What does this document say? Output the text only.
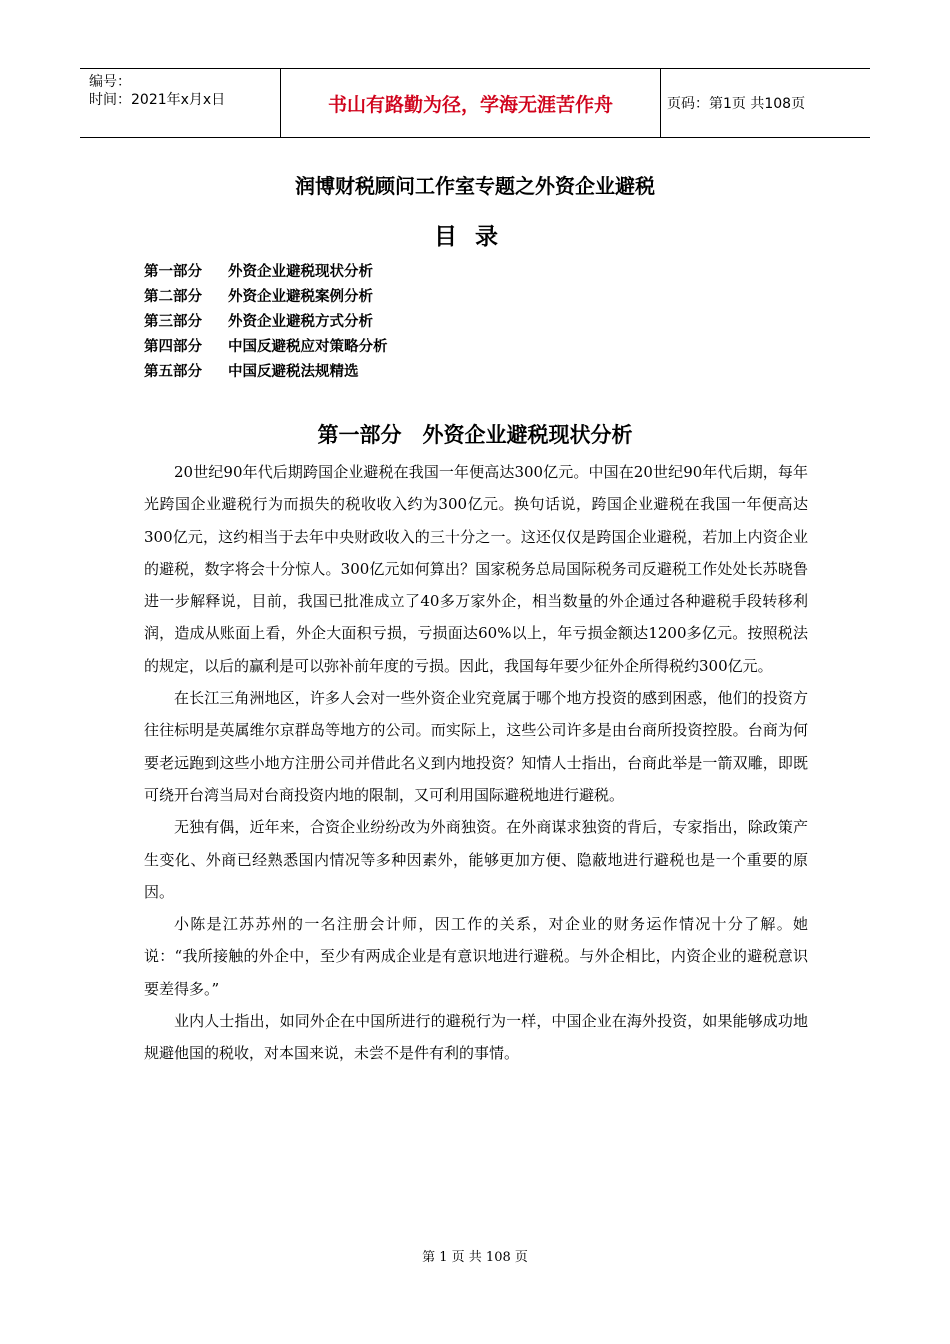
编号：
时间：2021年x月x日	书山有路勤为径，学海无涯苦作舟	页码：第1页 共108页
润博财税顾问工作室专题之外资企业避税
目录
第一部分 外资企业避税现状分析
第二部分 外资企业避税案例分析
第三部分 外资企业避税方式分析
第四部分 中国反避税应对策略分析
第五部分 中国反避税法规精选
第一部分　外资企业避税现状分析

20世纪90年代后期跨国企业避税在我国一年便高达300亿元。中国在20世纪90年代后期，每年光跨国企业避税行为而损失的税收收入约为300亿元。换句话说，跨国企业避税在我国一年便高达300亿元，这约相当于去年中央财政收入的三十分之一。这还仅仅是跨国企业避税，若加上内资企业的避税，数字将会十分惊人。300亿元如何算出？国家税务总局国际税务司反避税工作处处长苏晓鲁进一步解释说，目前，我国已批准成立了40多万家外企，相当数量的外企通过各种避税手段转移利润，造成从账面上看，外企大面积亏损，亏损面达60%以上，年亏损金额达1200多亿元。按照税法的规定，以后的赢利是可以弥补前年度的亏损。因此，我国每年要少征外企所得税约300亿元。

在长江三角洲地区，许多人会对一些外资企业究竟属于哪个地方投资的感到困惑，他们的投资方往往标明是英属维尔京群岛等地方的公司。而实际上，这些公司许多是由台商所投资控股。台商为何要老远跑到这些小地方注册公司并借此名义到内地投资？知情人士指出，台商此举是一箭双雕，即既可绕开台湾当局对台商投资内地的限制，又可利用国际避税地进行避税。

无独有偶，近年来，合资企业纷纷改为外商独资。在外商谋求独资的背后，专家指出，除政策产生变化、外商已经熟悉国内情况等多种因素外，能够更加方便、隐蔽地进行避税也是一个重要的原因。

小陈是江苏苏州的一名注册会计师，因工作的关系，对企业的财务运作情况十分了解。她说：“我所接触的外企中，至少有两成企业是有意识地进行避税。与外企相比，内资企业的避税意识要差得多。”

业内人士指出，如同外企在中国所进行的避税行为一样，中国企业在海外投资，如果能够成功地规避他国的税收，对本国来说，未尝不是件有利的事情。

第 1 页 共 108 页
